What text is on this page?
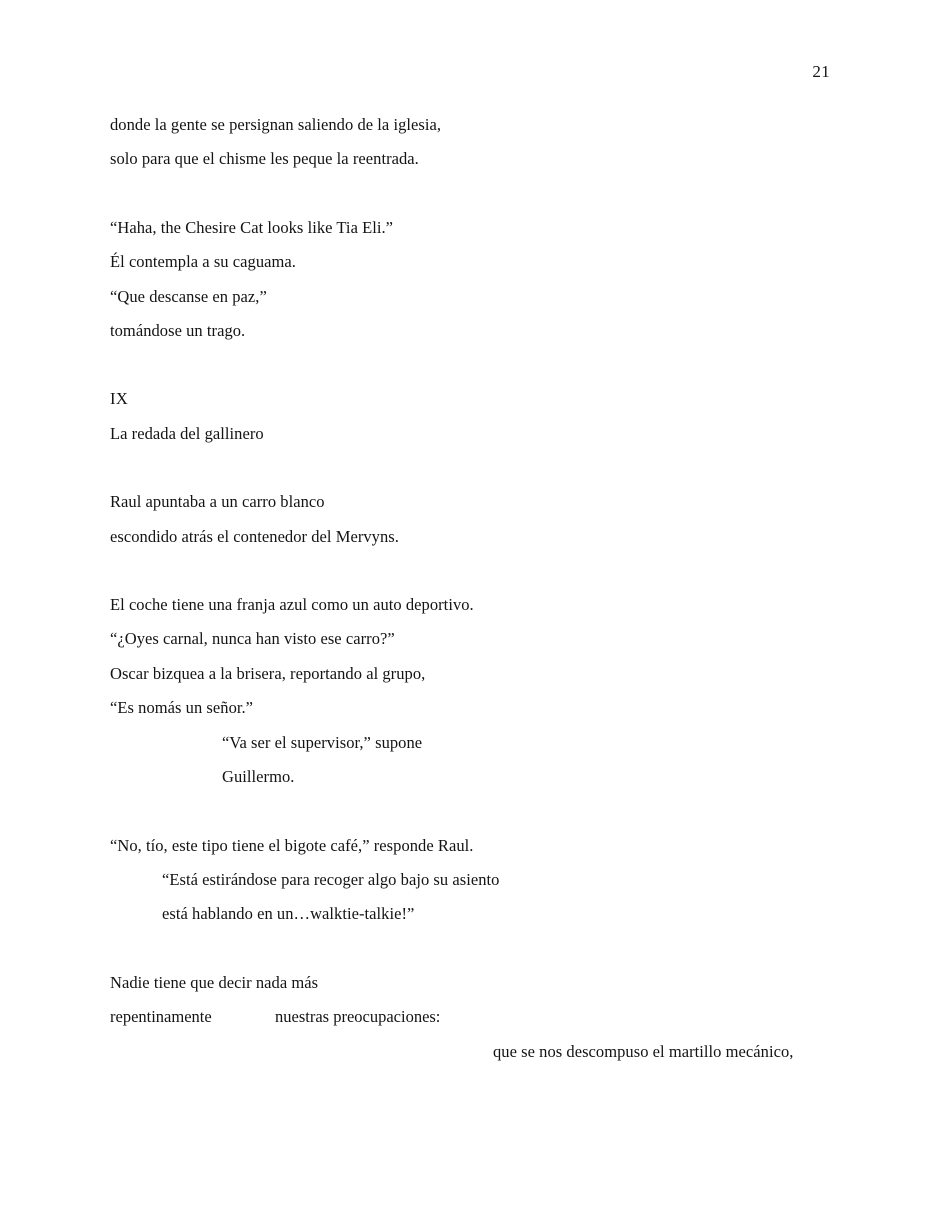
21
donde la gente se persignan saliendo de la iglesia,
solo para que el chisme les peque la reentrada.
“Haha, the Chesire Cat looks like Tia Eli.”
Él contempla a su caguama.
“Que descanse en paz,”
tomándose un trago.
IX
La redada del gallinero
Raul apuntaba a un carro blanco
escondido atrás el contenedor del Mervyns.
El coche tiene una franja azul como un auto deportivo.
“¿Oyes carnal, nunca han visto ese carro?”
Oscar bizquea a la brisera, reportando al grupo,
“Es nomás un señor.”
“Va ser el supervisor,” supone
Guillermo.
“No, tío, este tipo tiene el bigote café,” responde Raul.
“Está estirándose para recoger algo bajo su asiento
está hablando en un…walktie-talkie!”
Nadie tiene que decir nada más
repentinamente	nuestras preocupaciones:
que se nos descompuso el martillo mecánico,
